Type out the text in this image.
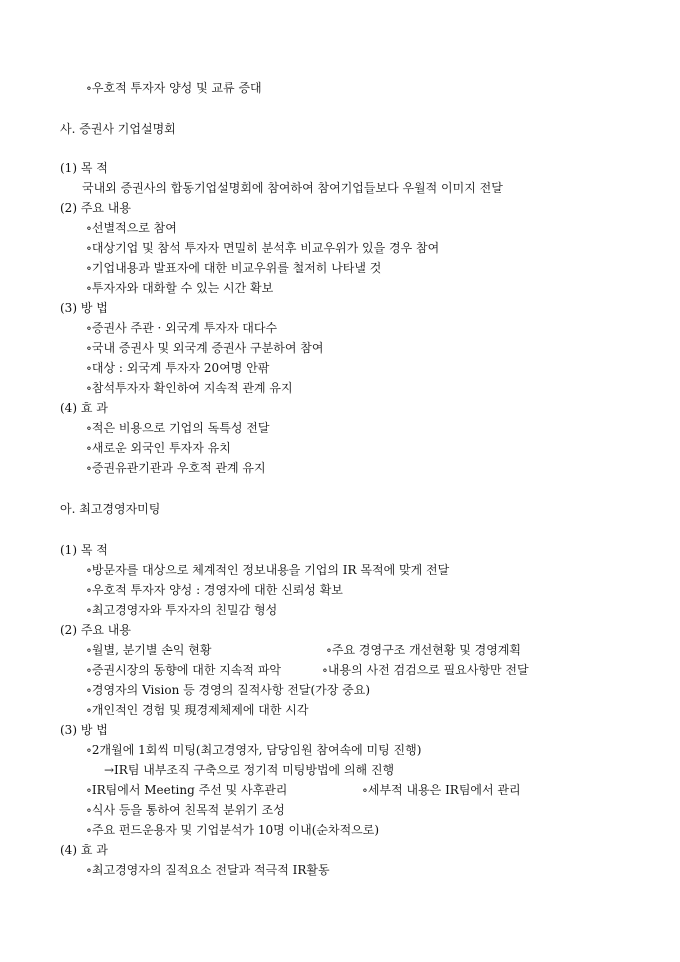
∘우호적 투자자 양성 및 교류 증대
사. 증권사 기업설명회
(1) 목 적
국내외 증권사의 합동기업설명회에 참여하여 참여기업들보다 우월적 이미지 전달
(2) 주요 내용
∘선별적으로 참여
∘대상기업 및 참석 투자자 면밀히 분석후 비교우위가 있을 경우 참여
∘기업내용과 발표자에 대한 비교우위를 철저히 나타낼 것
∘투자자와 대화할 수 있는 시간 확보
(3) 방 법
∘증권사 주관 · 외국계 투자자 대다수
∘국내 증권사 및 외국계 증권사 구분하여 참여
∘대상 : 외국계 투자자 20여명 안팎
∘참석투자자 확인하여 지속적 관계 유지
(4) 효 과
∘적은 비용으로 기업의 독특성 전달
∘새로운 외국인 투자자 유치
∘증권유관기관과 우호적 관계 유지
아. 최고경영자미팅
(1) 목 적
∘방문자를 대상으로 체계적인 정보내용을 기업의 IR 목적에 맞게 전달
∘우호적 투자자 양성 : 경영자에 대한 신뢰성 확보
∘최고경영자와 투자자의 친밀감 형성
(2) 주요 내용
∘월별, 분기별 손익 현황	∘주요 경영구조 개선현황 및 경영계획
∘증권시장의 동향에 대한 지속적 파악	∘내용의 사전 검검으로 필요사항만 전달
∘경영자의 Vision 등 경영의 질적사항 전달(가장 중요)
∘개인적인 경험 및 現경제체제에 대한 시각
(3) 방 법
∘2개월에 1회씩 미팅(최고경영자, 담당임원 참여속에 미팅 진행)
→IR팀 내부조직 구축으로 정기적 미팅방법에 의해 진행
∘IR팀에서 Meeting 주선 및 사후관리	∘세부적 내용은 IR팀에서 관리
∘식사 등을 통하여 친목적 분위기 조성
∘주요 펀드운용자 및 기업분석가 10명 이내(순차적으로)
(4) 효 과
∘최고경영자의 질적요소 전달과 적극적 IR활동
